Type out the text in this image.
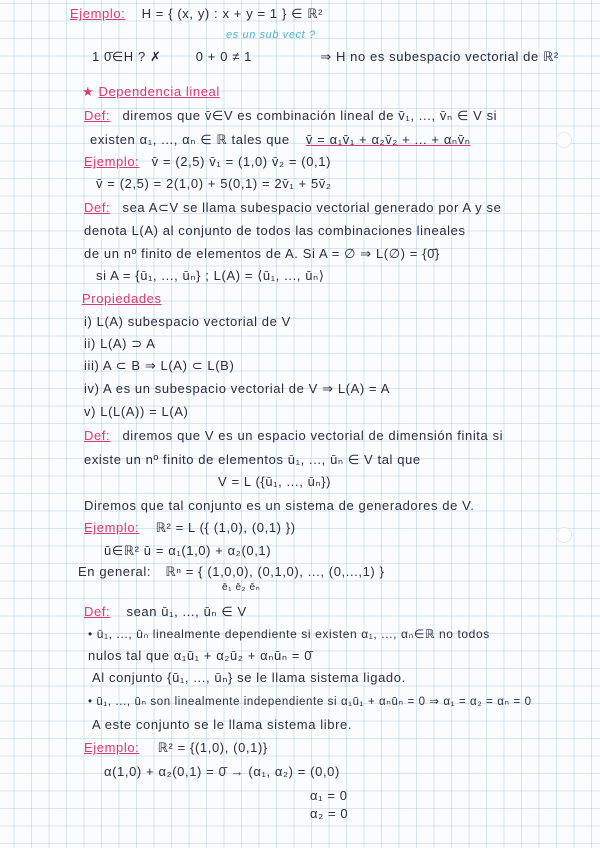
Ejemplo: H = { (x, y) : x + y = 1 } ∈ ℝ²
es un sub vect ?
1 0̄∈H ? ✗	0 + 0 ≠ 1	⇒ H no es subespacio vectorial de ℝ²
★ Dependencia lineal
Def: diremos que v̄∈V es combinación lineal de v̄₁, ..., v̄ₙ ∈ V si
existen α₁, ..., αₙ ∈ ℝ tales que v̄ = α₁v̄₁ + α₂v̄₂ + ... + αₙv̄ₙ
Ejemplo: v̄ = (2,5) v̄₁ = (1,0) v̄₂ = (0,1)
v̄ = (2,5) = 2(1,0) + 5(0,1) = 2v̄₁ + 5v̄₂
Def: sea A⊂V se llama subespacio vectorial generado por A y se
denota L(A) al conjunto de todos las combinaciones lineales
de un nº finito de elementos de A. Si A = ∅ ⇒ L(∅) = {0̄}
si A = {ū₁, ..., ūₙ} ; L(A) = ⟨ū₁, ..., ūₙ⟩
Propiedades
i) L(A) subespacio vectorial de V
ii) L(A) ⊃ A
iii) A ⊂ B ⇒ L(A) ⊂ L(B)
iv) A es un subespacio vectorial de V ⇒ L(A) = A
v) L(L(A)) = L(A)
Def: diremos que V es un espacio vectorial de dimensión finita si
existe un nº finito de elementos ū₁, ..., ūₙ ∈ V tal que
V = L ({ū₁, ..., ūₙ})
Diremos que tal conjunto es un sistema de generadores de V.
Ejemplo: ℝ² = L ({ (1,0), (0,1) })
ū∈ℝ² ū = α₁(1,0) + α₂(0,1)
En general: ℝⁿ = { (1,0,0), (0,1,0), ..., (0,...,1) }
ē₁ ē₂ ēₙ
Def: sean ū₁, ..., ūₙ ∈ V
• ū₁, ..., ūₙ linealmente dependiente si existen α₁, ..., αₙ∈ℝ no todos
nulos tal que α₁ū₁ + α₂ū₂ + αₙūₙ = 0̄
Al conjunto {ū₁, ..., ūₙ} se le llama sistema ligado.
• ū₁, ..., ūₙ son linealmente independiente si α₁ū₁ + αₙūₙ = 0 ⇒ α₁ = α₂ = αₙ = 0
A este conjunto se le llama sistema libre.
Ejemplo: ℝ² = {(1,0), (0,1)}
α(1,0) + α₂(0,1) = 0̄ → (α₁, α₂) = (0,0)
α₁ = 0
α₂ = 0
